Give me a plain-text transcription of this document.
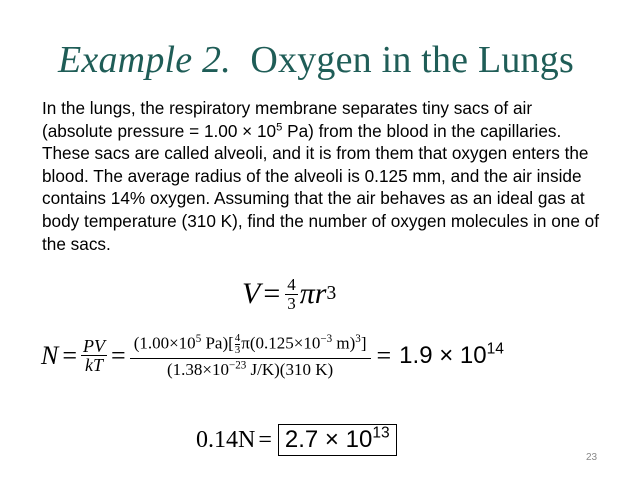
Example 2. Oxygen in the Lungs
In the lungs, the respiratory membrane separates tiny sacs of air (absolute pressure = $1.00 \times 10^5$ Pa) from the blood in the capillaries. These sacs are called alveoli, and it is from them that oxygen enters the blood. The average radius of the alveoli is 0.125 mm, and the air inside contains 14% oxygen. Assuming that the air behaves as an ideal gas at body temperature (310 K), find the number of oxygen molecules in one of the sacs.
$V = \frac{4}{3}$ π r 3
$N = \frac{PV}{kT} = \frac{(1.00\times 10^5 Pa)[ \frac{4}{3} \pi(0.125\times 10^{-3} m)^3]}{(1.38\times 10^{-23} J/K)(310 K)} = 1.9 \times 10^{14}$
$0.14N = 2.7 \times 10^{13}$
23
